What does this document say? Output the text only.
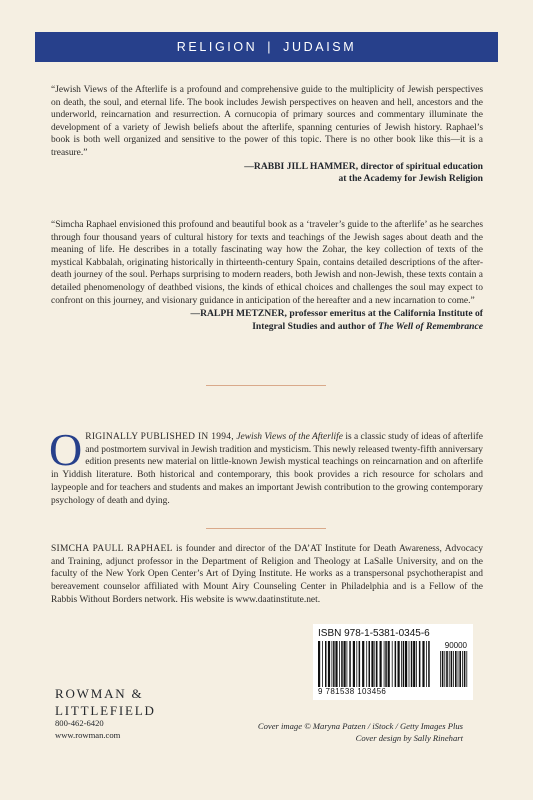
RELIGION | JUDAISM

“Jewish Views of the Afterlife is a profound and comprehensive guide to the multiplicity of Jewish perspectives on death, the soul, and eternal life. The book includes Jewish perspectives on heaven and hell, ancestors and the underworld, reincarnation and resurrection. A cornucopia of primary sources and commentary illuminate the development of a variety of Jewish beliefs about the afterlife, spanning centuries of Jewish history. Raphael’s book is both well organized and sensitive to the power of this topic. There is no other book like this—it is a treasure.”

—RABBI JILL HAMMER, director of spiritual education
at the Academy for Jewish Religion

“Simcha Raphael envisioned this profound and beautiful book as a ‘traveler’s guide to the afterlife’ as he searches through four thousand years of cultural history for texts and teachings of the Jewish sages about death and the meaning of life. He describes in a totally fascinating way how the Zohar, the key collection of texts of the mystical Kabbalah, originating historically in thirteenth-century Spain, contains detailed descriptions of the after-death journey of the soul. Perhaps surprising to modern readers, both Jewish and non-Jewish, these texts contain a detailed phenomenology of deathbed visions, the kinds of ethical choices and challenges the soul may expect to confront on this journey, and visionary guidance in anticipation of the hereafter and a new incarnation to come.”

—RALPH METZNER, professor emeritus at the California Institute of
Integral Studies and author of The Well of Remembrance
ORIGINALLY PUBLISHED IN 1994, Jewish Views of the Afterlife is a classic study of ideas of afterlife and postmortem survival in Jewish tradition and mysticism. This newly released twenty-fifth anniversary edition presents new material on little-known Jewish mystical teachings on reincarnation and on afterlife in Yiddish literature. Both historical and contemporary, this book provides a rich resource for scholars and laypeople and for teachers and students and makes an important Jewish contribution to the growing contemporary psychology of death and dying.
SIMCHA PAULL RAPHAEL is founder and director of the DA’AT Institute for Death Awareness, Advocacy and Training, adjunct professor in the Department of Religion and Theology at LaSalle University, and on the faculty of the New York Open Center’s Art of Dying Institute. He works as a transpersonal psychotherapist and bereavement counselor affiliated with Mount Airy Counseling Center in Philadelphia and is a Fellow of the Rabbis Without Borders network. His website is www.daatinstitute.net.
ISBN 978-1-5381-0345-6
9 781538 103456
90000
ROWMAN &
LITTLEFIELD
800-462-6420
www.rowman.com
Cover image © Maryna Patzen / iStock / Getty Images Plus
Cover design by Sally Rinehart
